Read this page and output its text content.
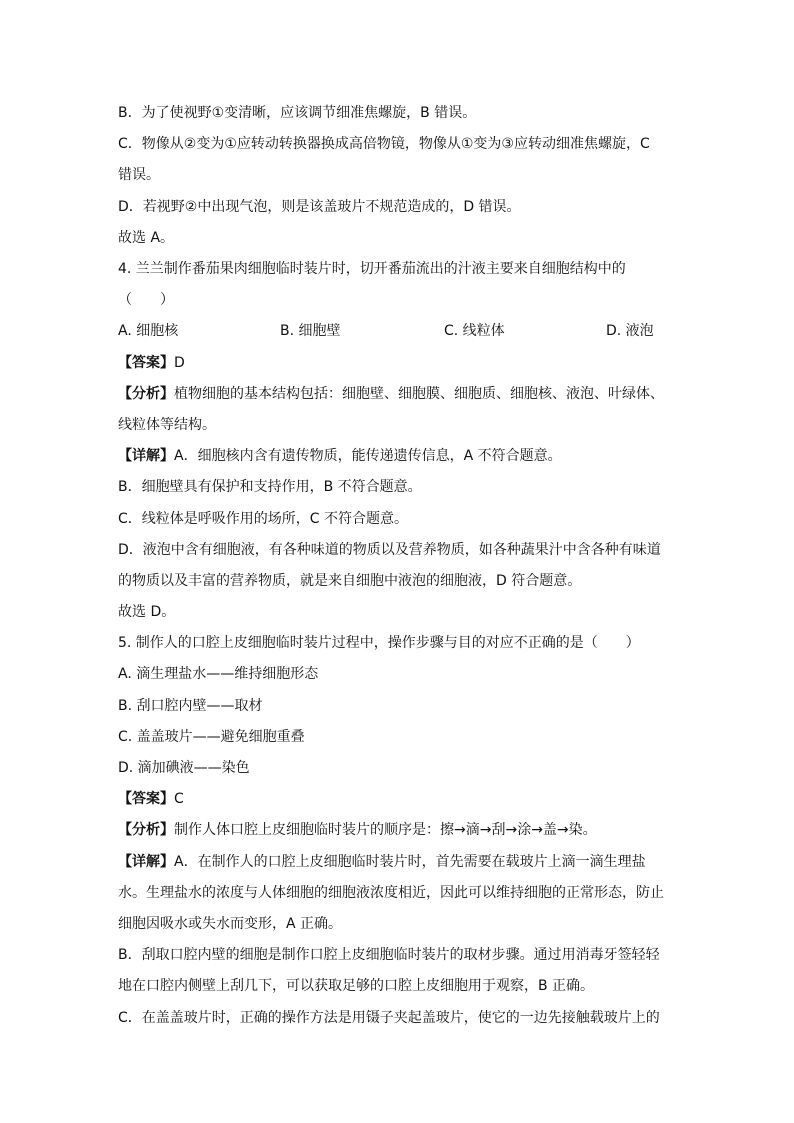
B．为了使视野①变清晰，应该调节细准焦螺旋，B 错误。
C．物像从②变为①应转动转换器换成高倍物镜，物像从①变为③应转动细准焦螺旋，C
错误。
D．若视野②中出现气泡，则是该盖玻片不规范造成的，D 错误。
故选 A。
4. 兰兰制作番茄果肉细胞临时装片时，切开番茄流出的汁液主要来自细胞结构中的
（　　）
A. 细胞核	B. 细胞壁	C. 线粒体	D. 液泡
【答案】D
【分析】植物细胞的基本结构包括：细胞壁、细胞膜、细胞质、细胞核、液泡、叶绿体、
线粒体等结构。
【详解】A．细胞核内含有遗传物质，能传递遗传信息，A 不符合题意。
B．细胞壁具有保护和支持作用，B 不符合题意。
C．线粒体是呼吸作用的场所，C 不符合题意。
D．液泡中含有细胞液，有各种味道的物质以及营养物质，如各种蔬果汁中含各种有味道
的物质以及丰富的营养物质，就是来自细胞中液泡的细胞液，D 符合题意。
故选 D。
5. 制作人的口腔上皮细胞临时装片过程中，操作步骤与目的对应不正确的是（　　）
A. 滴生理盐水——维持细胞形态
B. 刮口腔内壁——取材
C. 盖盖玻片——避免细胞重叠
D. 滴加碘液——染色
【答案】C
【分析】制作人体口腔上皮细胞临时装片的顺序是：擦→滴→刮→涂→盖→染。
【详解】A．在制作人的口腔上皮细胞临时装片时，首先需要在载玻片上滴一滴生理盐
水。生理盐水的浓度与人体细胞的细胞液浓度相近，因此可以维持细胞的正常形态，防止
细胞因吸水或失水而变形，A 正确。
B．刮取口腔内壁的细胞是制作口腔上皮细胞临时装片的取材步骤。通过用消毒牙签轻轻
地在口腔内侧壁上刮几下，可以获取足够的口腔上皮细胞用于观察，B 正确。
C．在盖盖玻片时，正确的操作方法是用镊子夹起盖玻片，使它的一边先接触载玻片上的
